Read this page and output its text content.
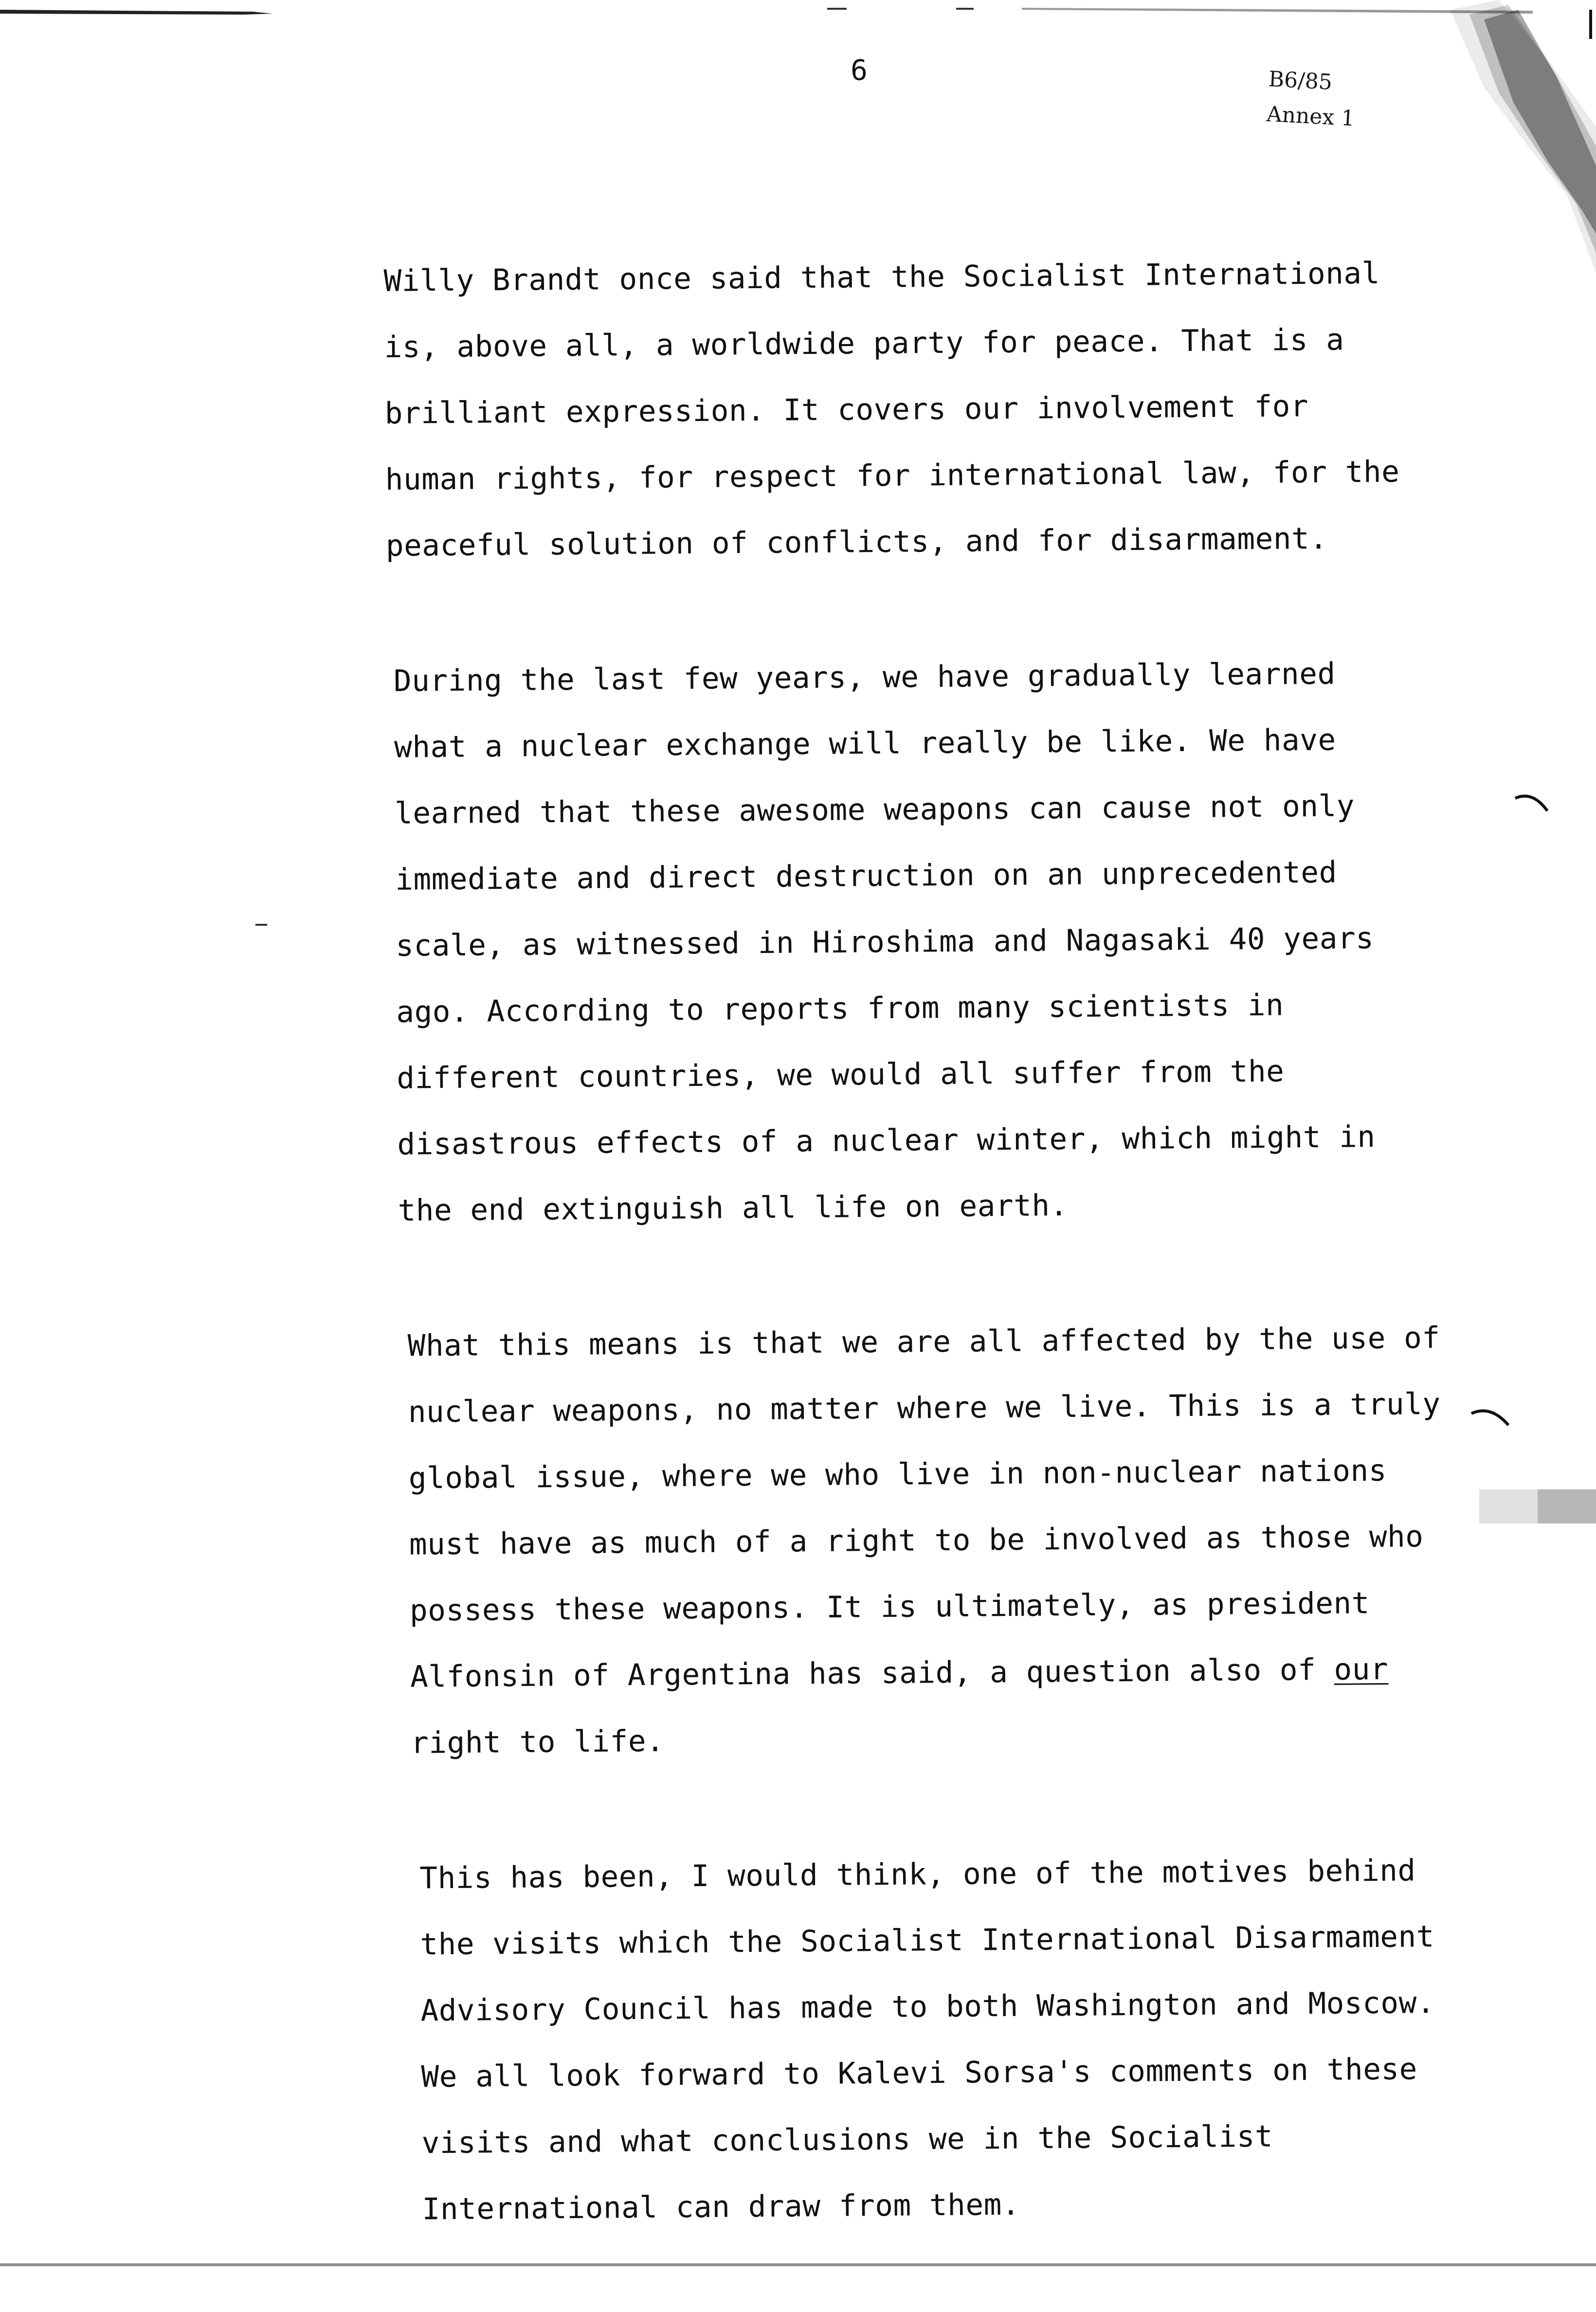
6	B6/85
Annex 1
Willy Brandt once said that the Socialist International
is, above all, a worldwide party for peace. That is a
brilliant expression. It covers our involvement for
human rights, for respect for international law, for the
peaceful solution of conflicts, and for disarmament.
During the last few years, we have gradually learned
what a nuclear exchange will really be like. We have
learned that these awesome weapons can cause not only
immediate and direct destruction on an unprecedented
scale, as witnessed in Hiroshima and Nagasaki 40 years
ago. According to reports from many scientists in
different countries, we would all suffer from the
disastrous effects of a nuclear winter, which might in
the end extinguish all life on earth.
What this means is that we are all affected by the use of
nuclear weapons, no matter where we live. This is a truly
global issue, where we who live in non-nuclear nations
must have as much of a right to be involved as those who
possess these weapons. It is ultimately, as president
Alfonsin of Argentina has said, a question also of our
right to life.
This has been, I would think, one of the motives behind
the visits which the Socialist International Disarmament
Advisory Council has made to both Washington and Moscow.
We all look forward to Kalevi Sorsa's comments on these
visits and what conclusions we in the Socialist
International can draw from them.
